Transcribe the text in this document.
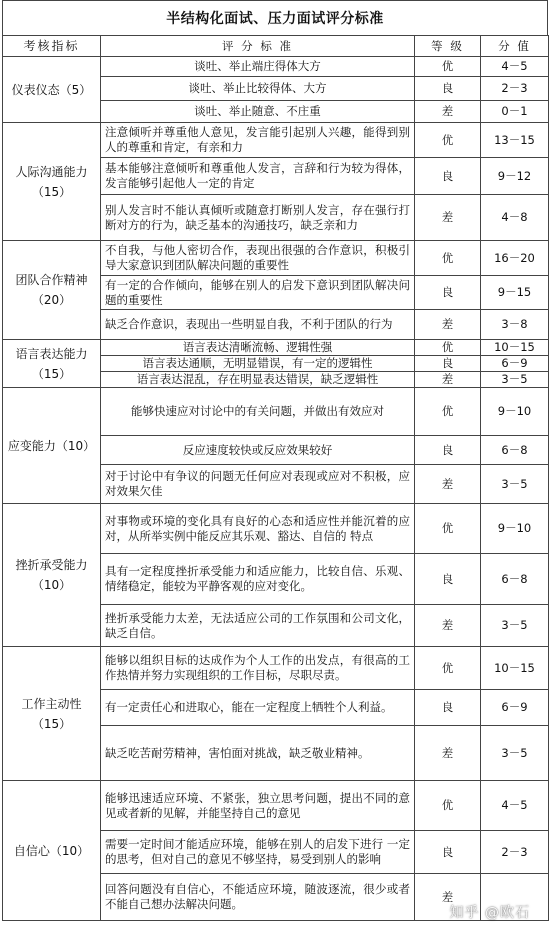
半结构化面试、压力面试评分标准
考核指标	评 分 标 准	等 级	分 值
仪表仪态（5）	谈吐、举止端庄得体大方	优	4－5
	谈吐、举止比较得体、大方	良	2－3
	谈吐、举止随意、不庄重	差	0－1
人际沟通能力（15）	注意倾听并尊重他人意见，发言能引起别人兴趣，能得到别人的尊重和肯定，有亲和力	优	13－15
	基本能够注意倾听和尊重他人发言，言辞和行为较为得体，发言能够引起他人一定的肯定	良	9－12
	别人发言时不能认真倾听或随意打断别人发言，存在强行打断对方的行为，缺乏基本的沟通技巧，缺乏亲和力	差	4－8
团队合作精神（20）	不自我，与他人密切合作，表现出很强的合作意识，积极引导大家意识到团队解决问题的重要性	优	16－20
	有一定的合作倾向，能够在别人的启发下意识到团队解决问题的重要性	良	9－15
	缺乏合作意识，表现出一些明显自我，不利于团队的行为	差	3－8
语言表达能力（15）	语言表达清晰流畅、逻辑性强	优	10－15
	语言表达通顺，无明显错误，有一定的逻辑性	良	6－9
	语言表达混乱，存在明显表达错误，缺乏逻辑性	差	3－5
应变能力（10）	能够快速应对讨论中的有关问题，并做出有效应对	优	9－10
	反应速度较快或反应效果较好	良	6－8
	对于讨论中有争议的问题无任何应对表现或应对不积极，应对效果欠佳	差	3－5
挫折承受能力（10）	对事物或环境的变化具有良好的心态和适应性并能沉着的应对，从所举实例中能反应其乐观、豁达、自信的 特点	优	9－10
	具有一定程度挫折承受能力和适应能力，比较自信、乐观、情绪稳定，能较为平静客观的应对变化。	良	6－8
	挫折承受能力太差，无法适应公司的工作氛围和公司文化，缺乏自信。	差	3－5
工作主动性（15）	能够以组织目标的达成作为个人工作的出发点，有很高的工作热情并努力实现组织的工作目标，尽职尽责。	优	10－15
	有一定责任心和进取心，能在一定程度上牺牲个人利益。	良	6－9
	缺乏吃苦耐劳精神，害怕面对挑战，缺乏敬业精神。	差	3－5
自信心（10）	能够迅速适应环境、不紧张，独立思考问题，提出不同的意见或者新的见解，并能坚持自己的意见	优	4－5
	需要一定时间才能适应环境，能够在别人的启发下进行 一定的思考，但对自己的意见不够坚持，易受到别人的影响	良	2－3
	回答问题没有自信心，不能适应环境，随波逐流，很少或者不能自己想办法解决问题。	差	
知乎 @欧石
